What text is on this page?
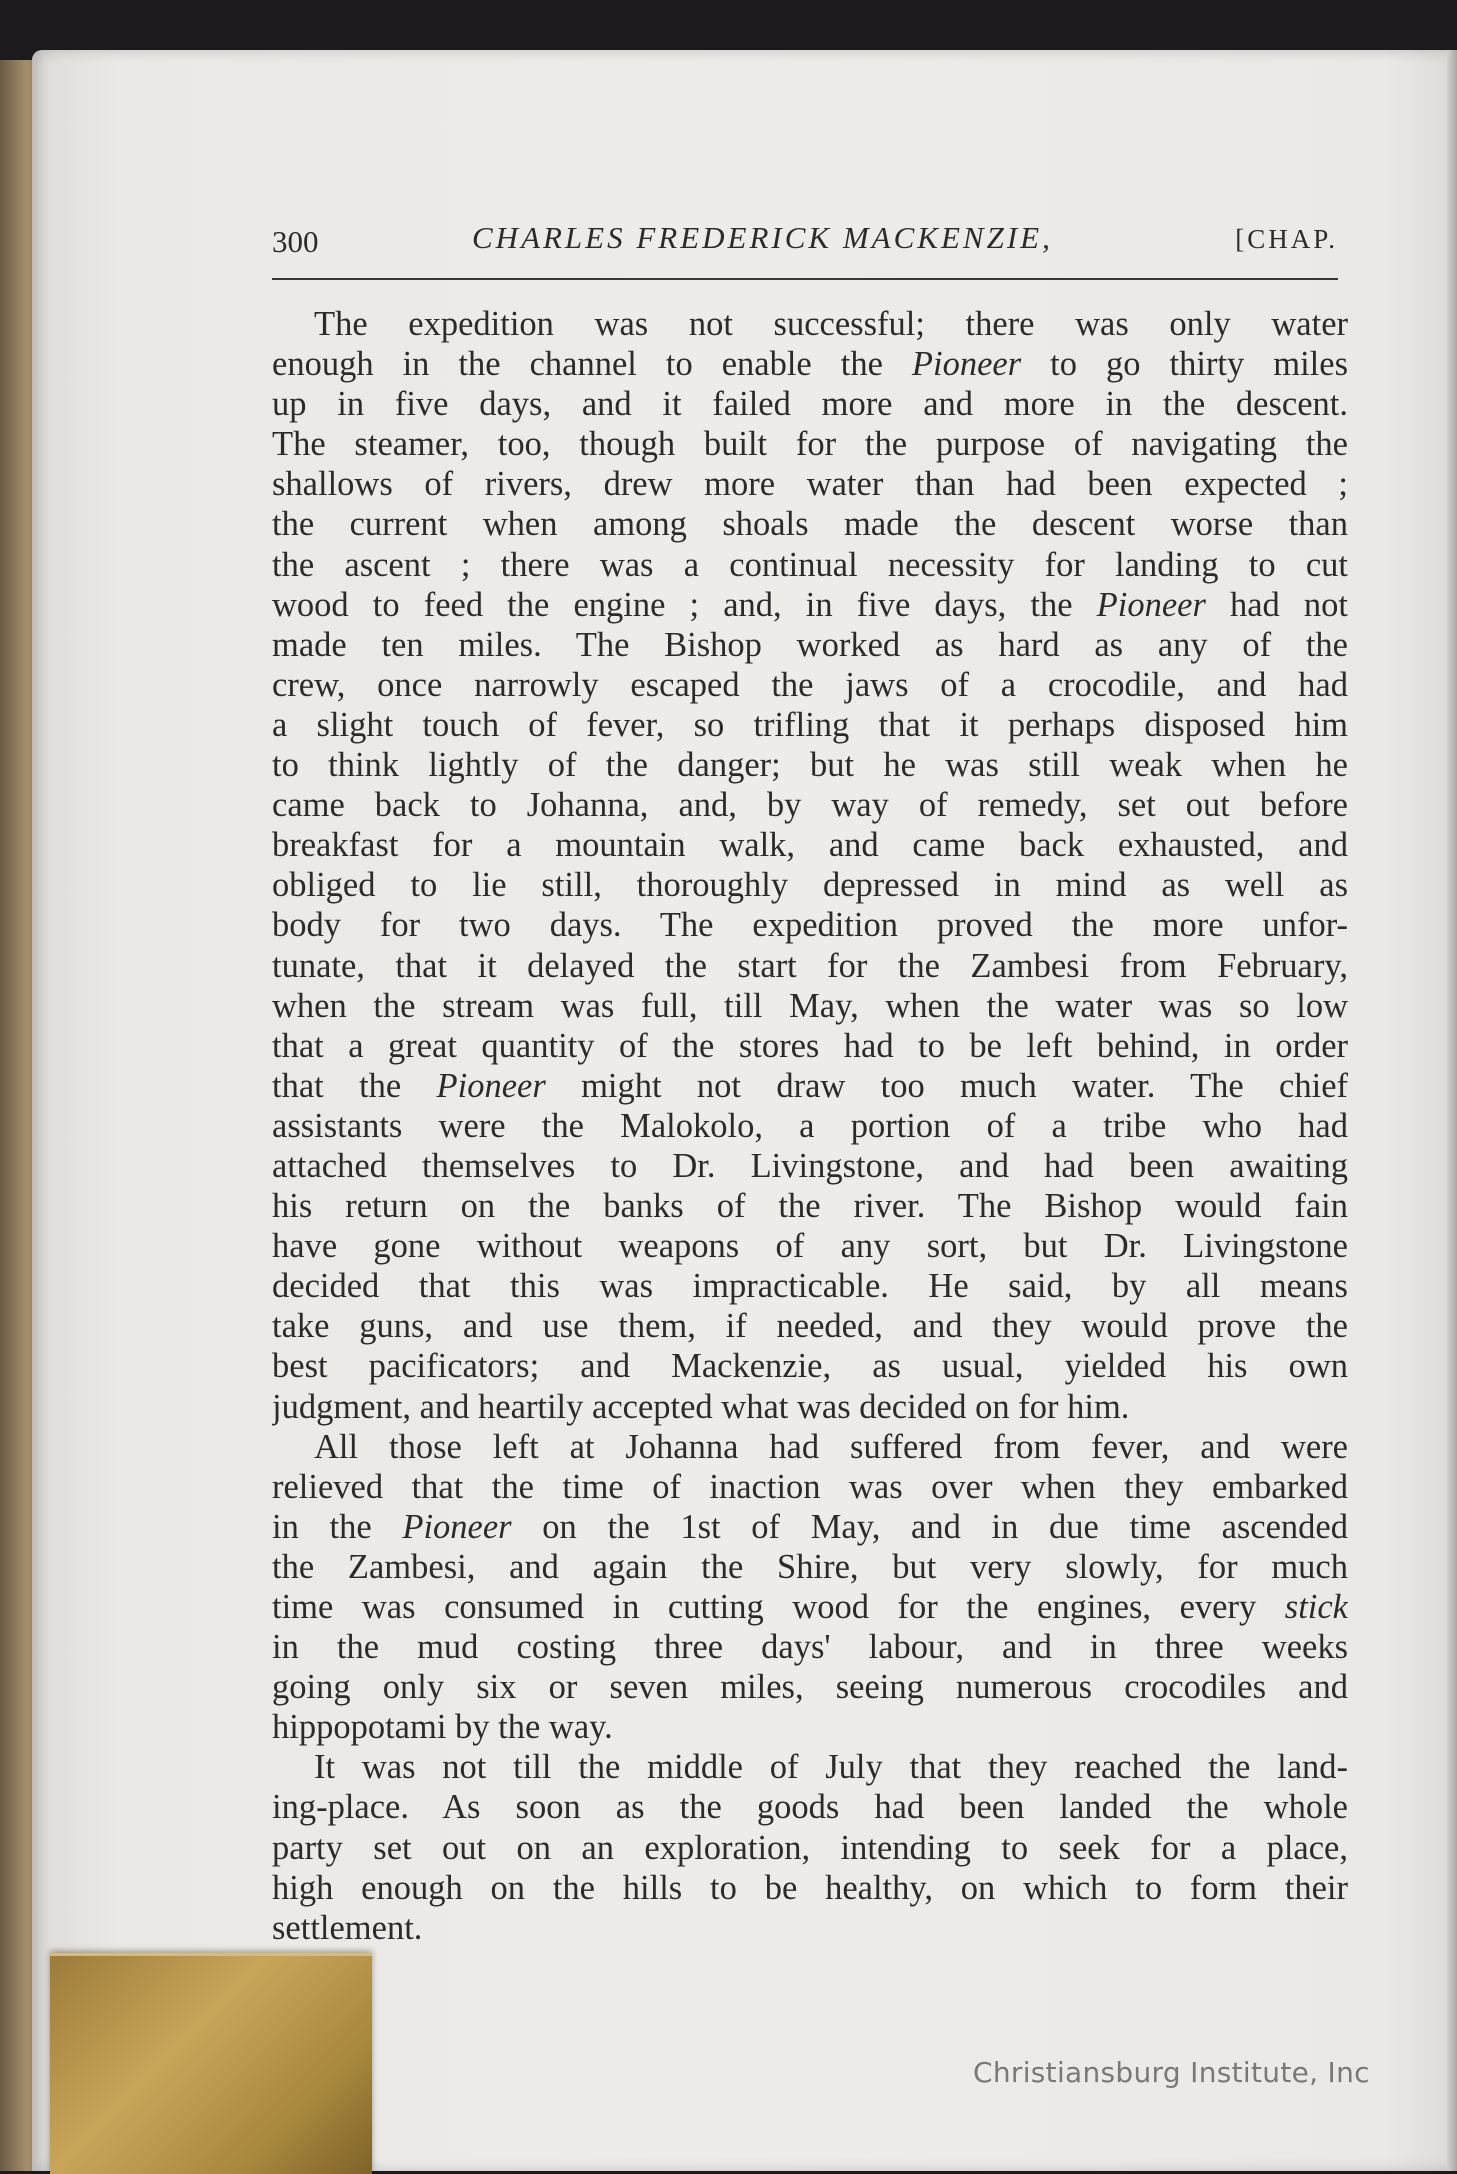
300	CHARLES FREDERICK MACKENZIE,	[CHAP.
The expedition was not successful; there was only water
enough in the channel to enable the Pioneer to go thirty miles
up in five days, and it failed more and more in the descent.
The steamer, too, though built for the purpose of navigating the
shallows of rivers, drew more water than had been expected ;
the current when among shoals made the descent worse than
the ascent ; there was a continual necessity for landing to cut
wood to feed the engine ; and, in five days, the Pioneer had not
made ten miles. The Bishop worked as hard as any of the
crew, once narrowly escaped the jaws of a crocodile, and had
a slight touch of fever, so trifling that it perhaps disposed him
to think lightly of the danger; but he was still weak when he
came back to Johanna, and, by way of remedy, set out before
breakfast for a mountain walk, and came back exhausted, and
obliged to lie still, thoroughly depressed in mind as well as
body for two days. The expedition proved the more unfor-
tunate, that it delayed the start for the Zambesi from February,
when the stream was full, till May, when the water was so low
that a great quantity of the stores had to be left behind, in order
that the Pioneer might not draw too much water. The chief
assistants were the Malokolo, a portion of a tribe who had
attached themselves to Dr. Livingstone, and had been awaiting
his return on the banks of the river. The Bishop would fain
have gone without weapons of any sort, but Dr. Livingstone
decided that this was impracticable. He said, by all means
take guns, and use them, if needed, and they would prove the
best pacificators; and Mackenzie, as usual, yielded his own
judgment, and heartily accepted what was decided on for him.
All those left at Johanna had suffered from fever, and were
relieved that the time of inaction was over when they embarked
in the Pioneer on the 1st of May, and in due time ascended
the Zambesi, and again the Shire, but very slowly, for much
time was consumed in cutting wood for the engines, every stick
in the mud costing three days' labour, and in three weeks
going only six or seven miles, seeing numerous crocodiles and
hippopotami by the way.
It was not till the middle of July that they reached the land-
ing-place. As soon as the goods had been landed the whole
party set out on an exploration, intending to seek for a place,
high enough on the hills to be healthy, on which to form their
settlement.
Christiansburg Institute, Inc
